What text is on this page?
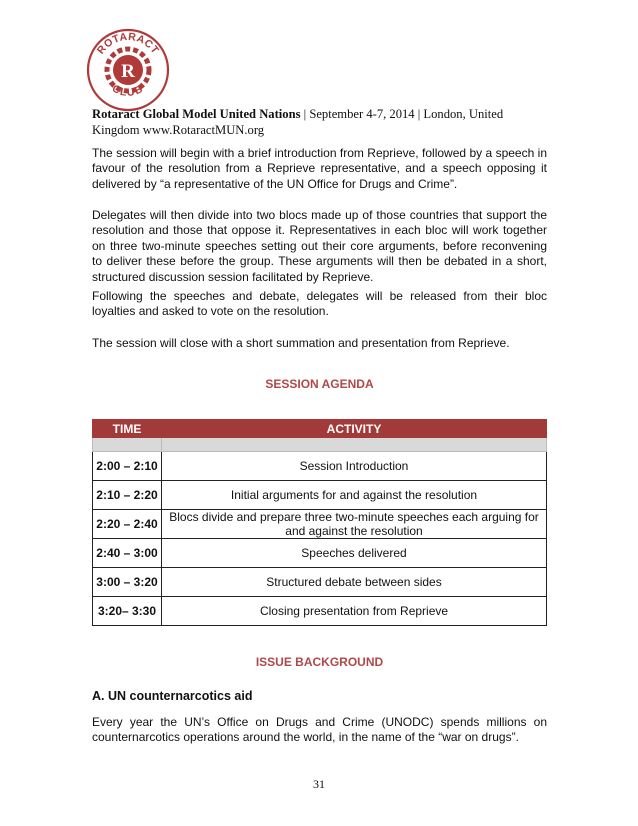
R
ROTARACT
CLUB
Rotaract Global Model United Nations | September 4-7, 2014 | London, United Kingdom www.RotaractMUN.org
The session will begin with a brief introduction from Reprieve, followed by a speech in favour of the resolution from a Reprieve representative, and a speech opposing it delivered by “a representative of the UN Office for Drugs and Crime”.
Delegates will then divide into two blocs made up of those countries that support the resolution and those that oppose it. Representatives in each bloc will work together on three two-minute speeches setting out their core arguments, before reconvening to deliver these before the group. These arguments will then be debated in a short, structured discussion session facilitated by Reprieve.
Following the speeches and debate, delegates will be released from their bloc loyalties and asked to vote on the resolution.
The session will close with a short summation and presentation from Reprieve.
SESSION AGENDA
TIME	ACTIVITY

2:00 – 2:10	Session Introduction
2:10 – 2:20	Initial arguments for and against the resolution
2:20 – 2:40	Blocs divide and prepare three two-minute speeches each arguing for and against the resolution
2:40 – 3:00	Speeches delivered
3:00 – 3:20	Structured debate between sides
3:20– 3:30	Closing presentation from Reprieve
ISSUE BACKGROUND
A. UN counternarcotics aid
Every year the UN’s Office on Drugs and Crime (UNODC) spends millions on counternarcotics operations around the world, in the name of the “war on drugs”.
31
